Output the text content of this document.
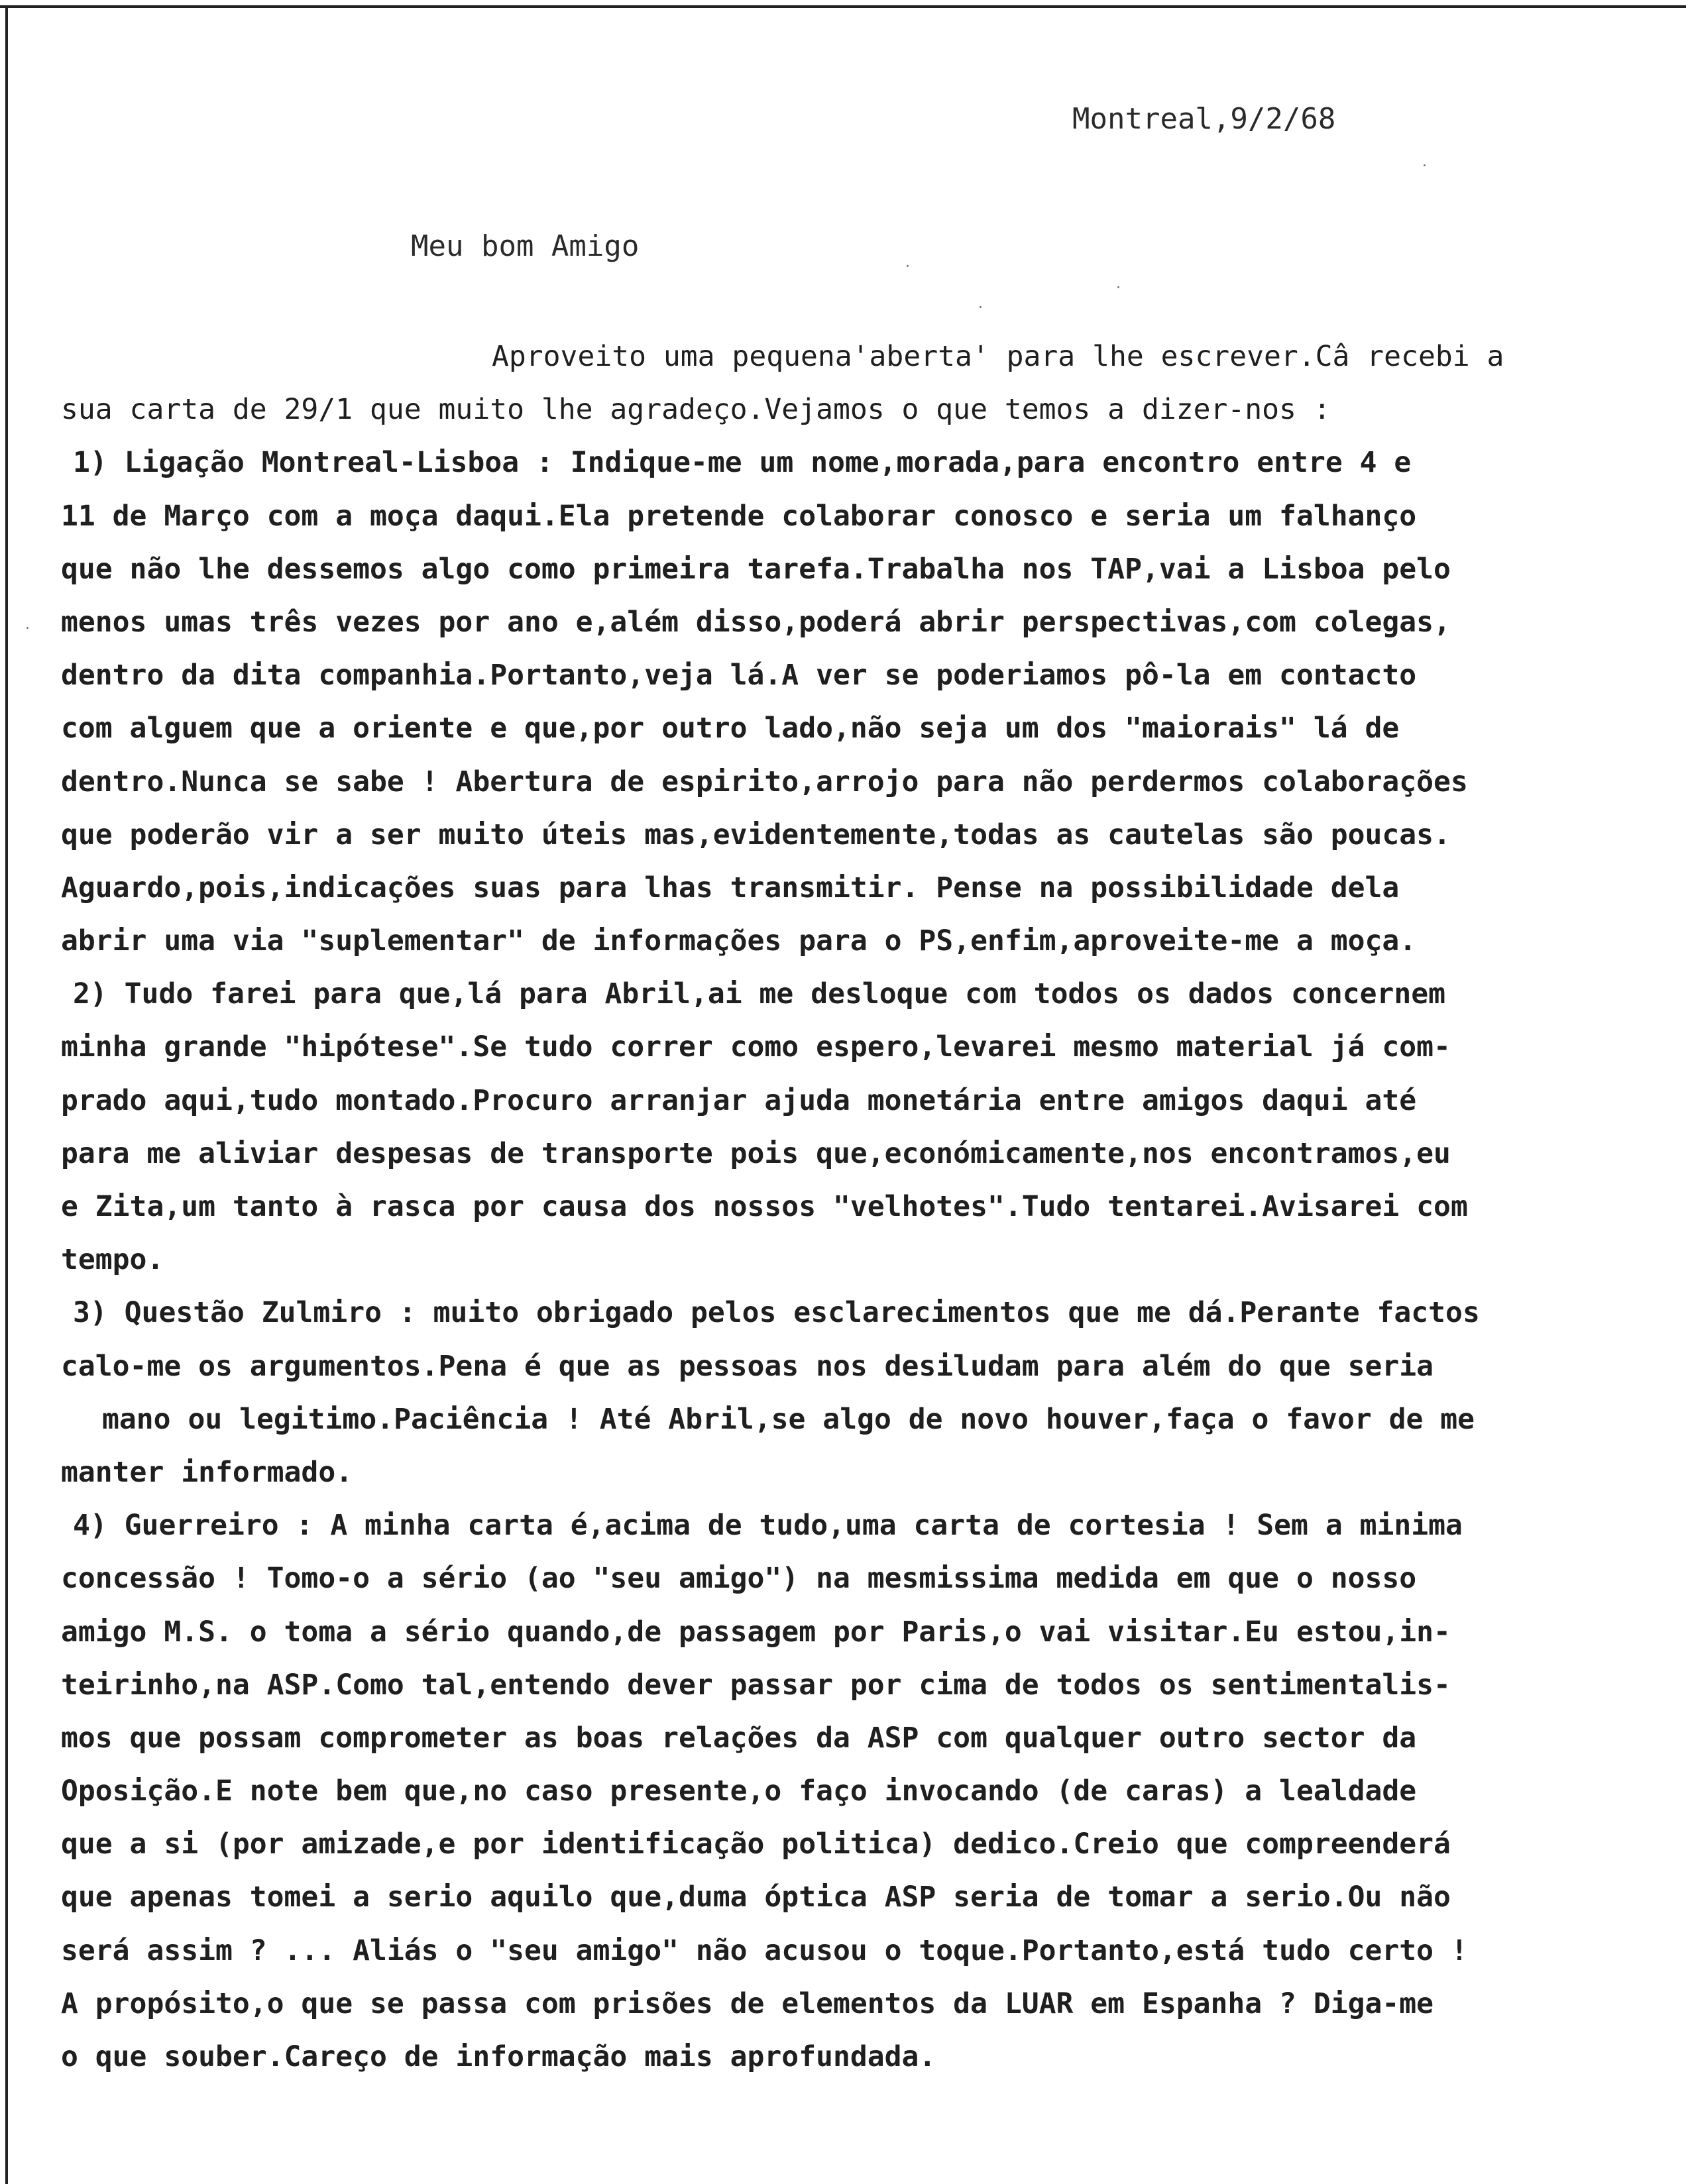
Montreal,9/2/68
Meu bom Amigo
Aproveito uma pequena'aberta' para lhe escrever.Câ recebi a
sua carta de 29/1 que muito lhe agradeço.Vejamos o que temos a dizer-nos :
1) Ligação Montreal-Lisboa : Indique-me um nome,morada,para encontro entre 4 e
11 de Março com a moça daqui.Ela pretende colaborar conosco e seria um falhanço
que não lhe dessemos algo como primeira tarefa.Trabalha nos TAP,vai a Lisboa pelo
menos umas três vezes por ano e,além disso,poderá abrir perspectivas,com colegas,
dentro da dita companhia.Portanto,veja lá.A ver se poderiamos pô-la em contacto
com alguem que a oriente e que,por outro lado,não seja um dos "maiorais" lá de
dentro.Nunca se sabe ! Abertura de espirito,arrojo para não perdermos colaborações
que poderão vir a ser muito úteis mas,evidentemente,todas as cautelas são poucas.
Aguardo,pois,indicações suas para lhas transmitir. Pense na possibilidade dela
abrir uma via "suplementar" de informações para o PS,enfim,aproveite-me a moça.
2) Tudo farei para que,lá para Abril,ai me desloque com todos os dados concernem
minha grande "hipótese".Se tudo correr como espero,levarei mesmo material já com-
prado aqui,tudo montado.Procuro arranjar ajuda monetária entre amigos daqui até
para me aliviar despesas de transporte pois que,económicamente,nos encontramos,eu
e Zita,um tanto à rasca por causa dos nossos "velhotes".Tudo tentarei.Avisarei com
tempo.
3) Questão Zulmiro : muito obrigado pelos esclarecimentos que me dá.Perante factos
calo-me os argumentos.Pena é que as pessoas nos desiludam para além do que seria
mano ou legitimo.Paciência ! Até Abril,se algo de novo houver,faça o favor de me
manter informado.
4) Guerreiro : A minha carta é,acima de tudo,uma carta de cortesia ! Sem a minima
concessão ! Tomo-o a sério (ao "seu amigo") na mesmissima medida em que o nosso
amigo M.S. o toma a sério quando,de passagem por Paris,o vai visitar.Eu estou,in-
teirinho,na ASP.Como tal,entendo dever passar por cima de todos os sentimentalis-
mos que possam comprometer as boas relações da ASP com qualquer outro sector da
Oposição.E note bem que,no caso presente,o faço invocando (de caras) a lealdade
que a si (por amizade,e por identificação politica) dedico.Creio que compreenderá
que apenas tomei a serio aquilo que,duma óptica ASP seria de tomar a serio.Ou não
será assim ? ... Aliás o "seu amigo" não acusou o toque.Portanto,está tudo certo !
A propósito,o que se passa com prisões de elementos da LUAR em Espanha ? Diga-me
o que souber.Careço de informação mais aprofundada.
